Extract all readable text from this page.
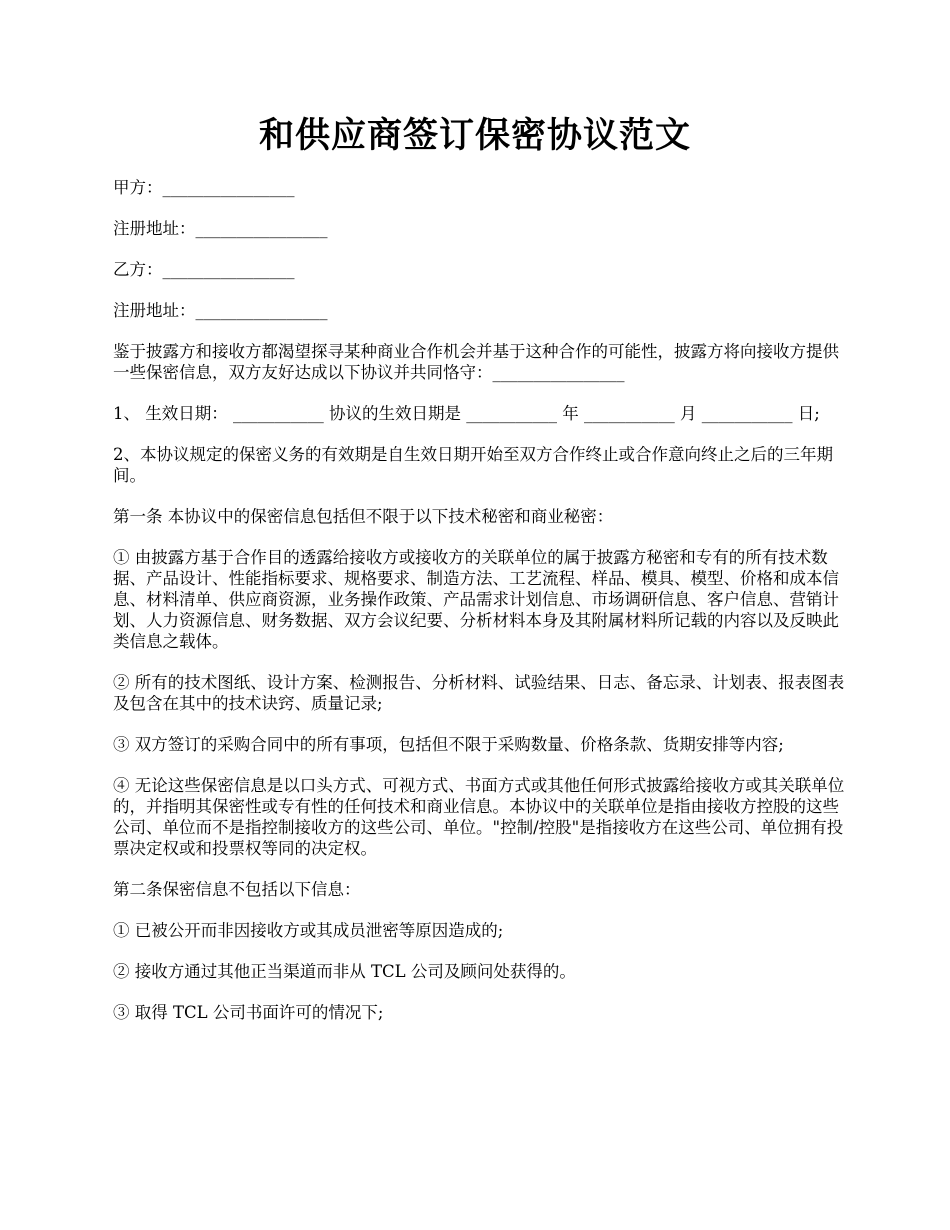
和供应商签订保密协议范文

甲方：________________

注册地址：________________

乙方：________________

注册地址：________________

鉴于披露方和接收方都渴望探寻某种商业合作机会并基于这种合作的可能性，披露方将向接收方提供一些保密信息，双方友好达成以下协议并共同恪守：________________

1、 生效日期： ___________ 协议的生效日期是 ___________ 年 ___________ 月 ___________ 日;

2、本协议规定的保密义务的有效期是自生效日期开始至双方合作终止或合作意向终止之后的三年期间。

第一条 本协议中的保密信息包括但不限于以下技术秘密和商业秘密：

① 由披露方基于合作目的透露给接收方或接收方的关联单位的属于披露方秘密和专有的所有技术数据、产品设计、性能指标要求、规格要求、制造方法、工艺流程、样品、模具、模型、价格和成本信息、材料清单、供应商资源，业务操作政策、产品需求计划信息、市场调研信息、客户信息、营销计划、人力资源信息、财务数据、双方会议纪要、分析材料本身及其附属材料所记载的内容以及反映此类信息之载体。

② 所有的技术图纸、设计方案、检测报告、分析材料、试验结果、日志、备忘录、计划表、报表图表及包含在其中的技术诀窍、质量记录;

③ 双方签订的采购合同中的所有事项，包括但不限于采购数量、价格条款、货期安排等内容;

④ 无论这些保密信息是以口头方式、可视方式、书面方式或其他任何形式披露给接收方或其关联单位的，并指明其保密性或专有性的任何技术和商业信息。本协议中的关联单位是指由接收方控股的这些公司、单位而不是指控制接收方的这些公司、单位。"控制/控股"是指接收方在这些公司、单位拥有投票决定权或和投票权等同的决定权。

第二条保密信息不包括以下信息：

① 已被公开而非因接收方或其成员泄密等原因造成的;

② 接收方通过其他正当渠道而非从 TCL 公司及顾问处获得的。

③ 取得 TCL 公司书面许可的情况下;
